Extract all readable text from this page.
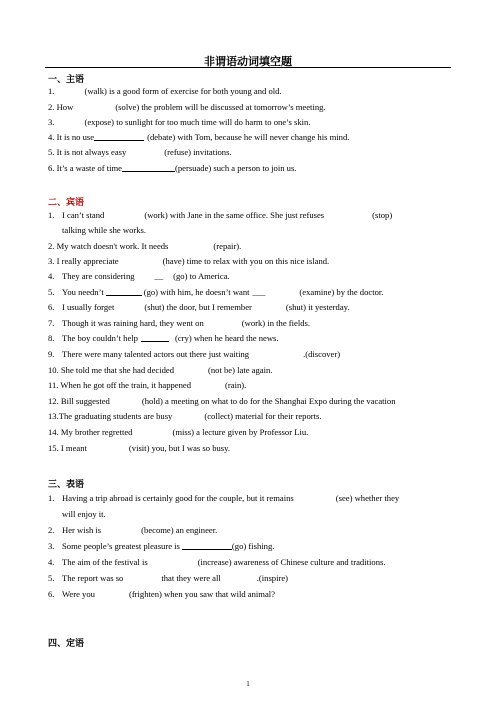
非谓语动词填空题
一、主语
1.	(walk) is a good form of exercise for both young and old.
2. How	(solve) the problem will be discussed at tomorrow’s meeting.
3.	(expose) to sunlight for too much time will do harm to one’s skin.
4. It is no use	(debate) with Tom, because he will never change his mind.
5. It is not always easy	(refuse) invitations.
6. It’s a waste of time	(persuade) such a person to join us.
二、宾语
1. I can’t stand	(work) with Jane in the same office. She just refuses	(stop)
talking while she works.
2. My watch doesn't work. It needs	(repair).
3. I really appreciate	(have) time to relax with you on this nice island.
4. They are considering __ (go) to America.
5. You needn’t	(go) with him, he doesn’t want ___	(examine) by the doctor.
6. I usually forget	(shut) the door, but I remember	(shut) it yesterday.
7. Though it was raining hard, they went on	(work) in the fields.
8. The boy couldn’t help	(cry) when he heard the news.
9. There were many talented actors out there just waiting	.(discover)
10. She told me that she had decided	(not be) late again.
11. When he got off the train, it happened	(rain).
12. Bill suggested	(hold) a meeting on what to do for the Shanghai Expo during the vacation
13.The graduating students are busy	(collect) material for their reports.
14. My brother regretted	(miss) a lecture given by Professor Liu.
15. I meant	(visit) you, but I was so busy.
三、表语
1. Having a trip abroad is certainly good for the couple, but it remains	(see) whether they
will enjoy it.
2. Her wish is	(become) an engineer.
3. Some people’s greatest pleasure is	(go) fishing.
4. The aim of the festival is	(increase) awareness of Chinese culture and traditions.
5. The report was so	that they were all	.(inspire)
6. Were you	(frighten) when you saw that wild animal?
四、定语
1
